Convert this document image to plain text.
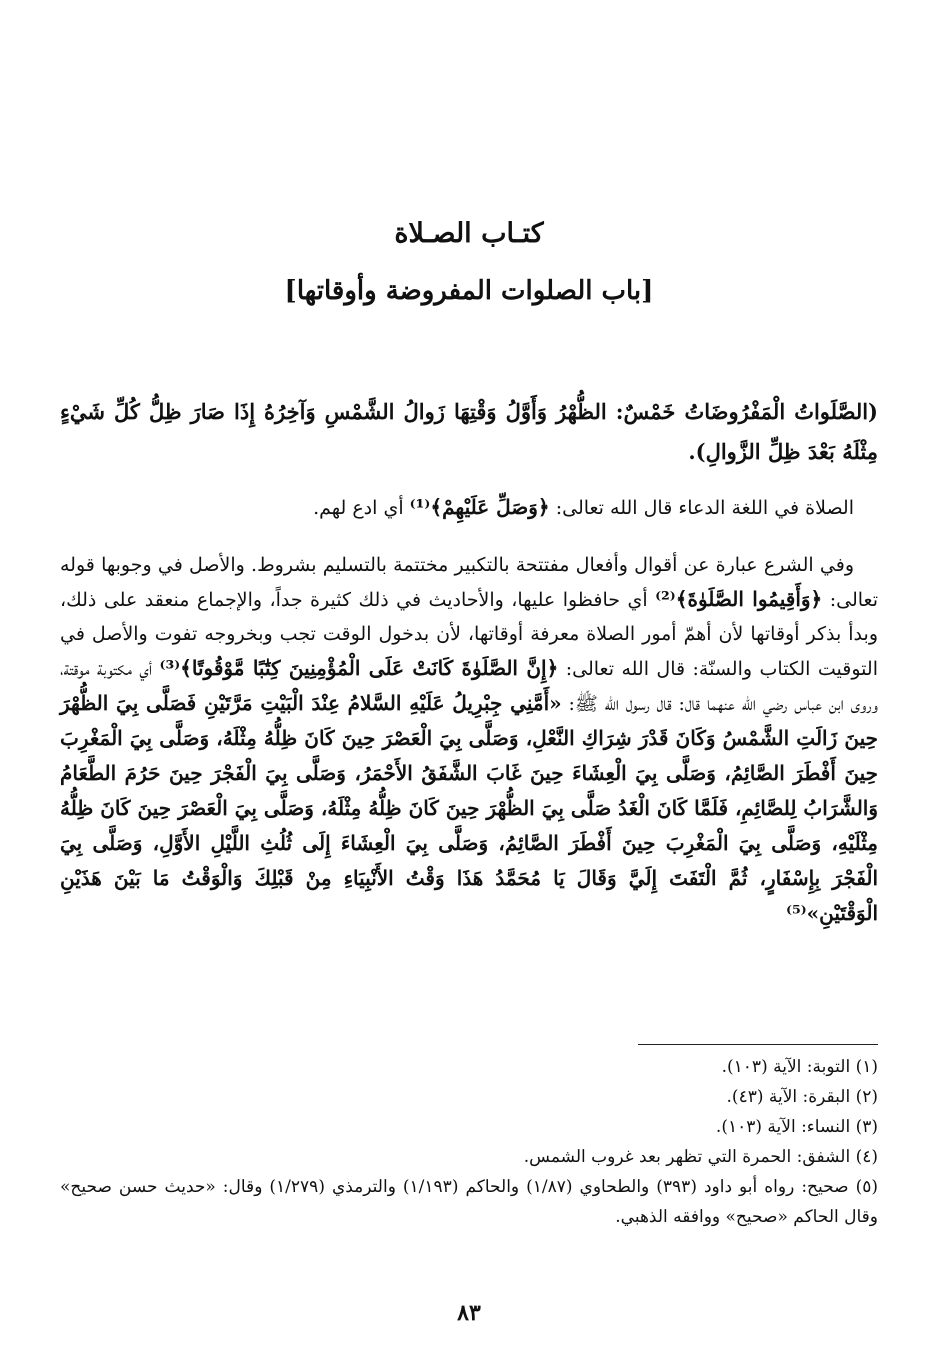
كتـاب الصـلاة
[باب الصلوات المفروضة وأوقاتها]

(الصَّلَواتُ الْمَفْرُوضَاتُ خَمْسٌ: الظُّهْرُ وَأَوَّلُ وَقْتِهَا زَوالُ الشَّمْسِ وَآخِرُهُ إِذَا صَارَ ظِلُّ كُلِّ شَيْءٍ مِثْلَهُ بَعْدَ ظِلِّ الزَّوالِ).

الصلاة في اللغة الدعاء قال الله تعالى: ﴿وَصَلِّ عَلَيْهِمْ﴾⁽¹⁾ أي ادع لهم.

وفي الشرع عبارة عن أقوال وأفعال مفتتحة بالتكبير مختتمة بالتسليم بشروط. والأصل في وجوبها قوله تعالى: ﴿وَأَقِيمُوا الصَّلَوٰةَ﴾⁽²⁾ أي حافظوا عليها، والأحاديث في ذلك كثيرة جداً، والإجماع منعقد على ذلك، وبدأ بذكر أوقاتها لأن أهمّ أمور الصلاة معرفة أوقاتها، لأن بدخول الوقت تجب وبخروجه تفوت والأصل في التوقيت الكتاب والسنّة: قال الله تعالى: ﴿إِنَّ الصَّلَوٰةَ كَانَتْ عَلَى الْمُؤْمِنِينَ كِتَٰبًا مَّوْقُوتًا﴾⁽³⁾ أي مكتوبة موقتة، وروى ابن عباس رضي الله عنهما قال: قال رسول الله ﷺ: «أَمَّنِي جِبْرِيلُ عَلَيْهِ السَّلامُ عِنْدَ الْبَيْتِ مَرَّتَيْنِ فَصَلَّى بِيَ الظُّهْرَ حِينَ زَالَتِ الشَّمْسُ وَكَانَ قَدْرَ شِرَاكِ النَّعْلِ، وَصَلَّى بِيَ الْعَصْرَ حِينَ كَانَ ظِلُّهُ مِثْلَهُ، وَصَلَّى بِيَ الْمَغْرِبَ حِينَ أَفْطَرَ الصَّائِمُ، وَصَلَّى بِيَ الْعِشَاءَ حِينَ غَابَ الشَّفَقُ الأَحْمَرُ، وَصَلَّى بِيَ الْفَجْرَ حِينَ حَرُمَ الطَّعَامُ وَالشَّرَابُ لِلصَّائِمِ، فَلَمَّا كَانَ الْغَدُ صَلَّى بِيَ الظُّهْرَ حِينَ كَانَ ظِلُّهُ مِثْلَهُ، وَصَلَّى بِيَ الْعَصْرَ حِينَ كَانَ ظِلُّهُ مِثْلَيْهِ، وَصَلَّى بِيَ الْمَغْرِبَ حِينَ أَفْطَرَ الصَّائِمُ، وَصَلَّى بِيَ الْعِشَاءَ إِلَى ثُلُثِ اللَّيْلِ الأَوَّلِ، وَصَلَّى بِيَ الْفَجْرَ بِإِسْفَارٍ، ثُمَّ الْتَفَتَ إِلَيَّ وَقَالَ يَا مُحَمَّدُ هَذَا وَقْتُ الأَنْبِيَاءِ مِنْ قَبْلِكَ وَالْوَقْتُ مَا بَيْنَ هَذَيْنِ الْوَقْتَيْنِ»⁽⁵⁾

(١) التوبة: الآية (١٠٣).
(٢) البقرة: الآية (٤٣).
(٣) النساء: الآية (١٠٣).
(٤) الشفق: الحمرة التي تظهر بعد غروب الشمس.
(٥) صحيح: رواه أبو داود (٣٩٣) والطحاوي (١/٨٧) والحاكم (١/١٩٣) والترمذي (١/٢٧٩) وقال: «حديث حسن صحيح» وقال الحاكم «صحيح» ووافقه الذهبي.
٨٣
